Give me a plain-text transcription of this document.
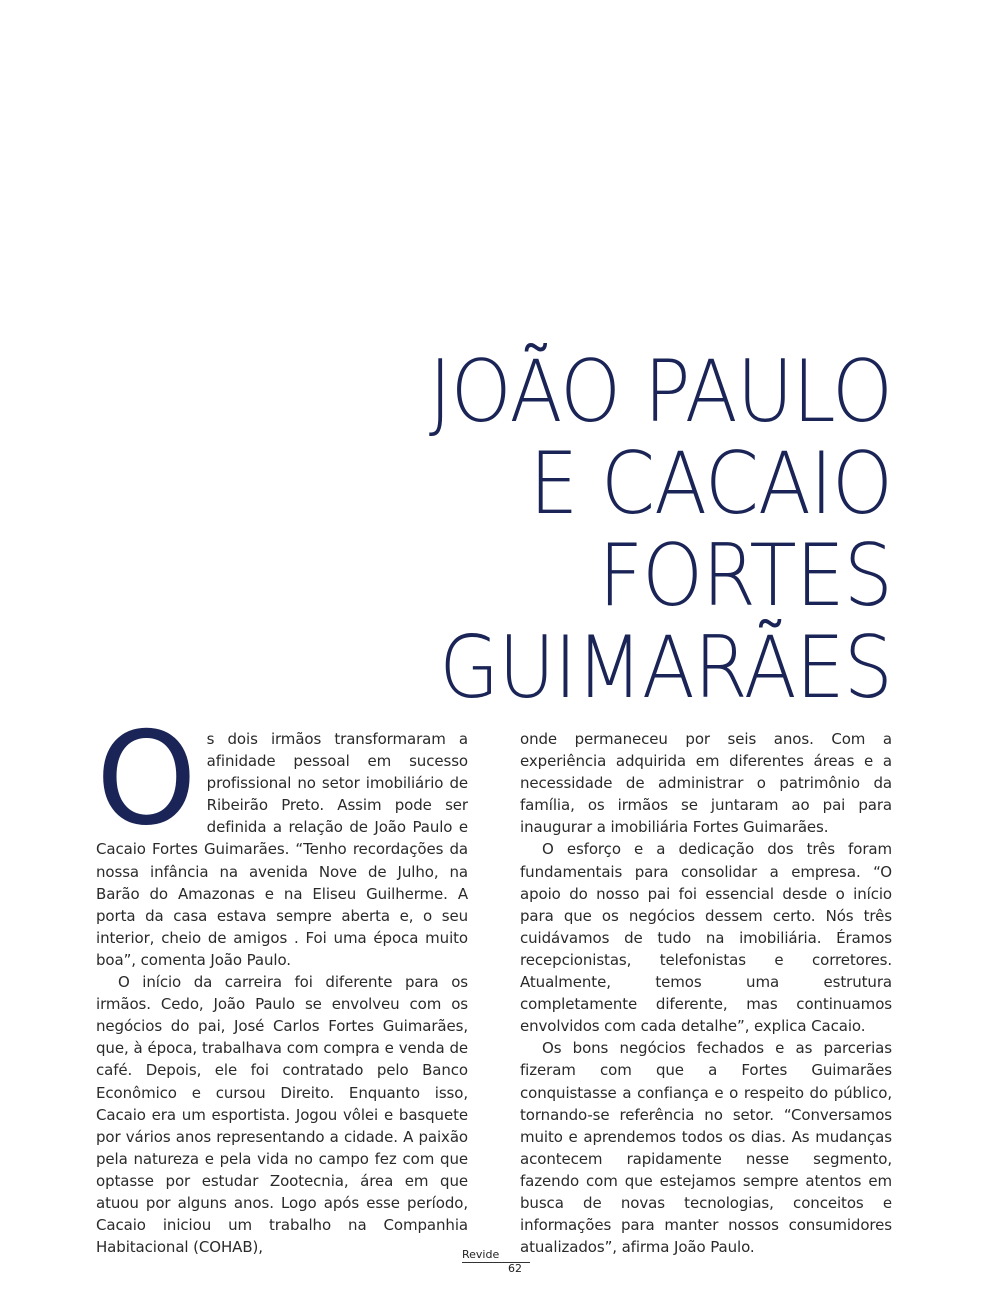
JOÃO PAULO
E CACAIO
FORTES
GUIMARÃES

Os dois irmãos transformaram a afinidade pessoal em sucesso profissional no setor imobiliário de Ribeirão Preto. Assim pode ser definida a relação de João Paulo e Cacaio Fortes Guimarães. “Tenho recordações da nossa infância na avenida Nove de Julho, na Barão do Amazonas e na Eliseu Guilherme. A porta da casa estava sempre aberta e, o seu interior, cheio de amigos . Foi uma época muito boa”, comenta João Paulo.

O início da carreira foi diferente para os irmãos. Cedo, João Paulo se envolveu com os negócios do pai, José Carlos Fortes Guimarães, que, à época, trabalhava com compra e venda de café. Depois, ele foi contratado pelo Banco Econômico e cursou Direito. Enquanto isso, Cacaio era um esportista. Jogou vôlei e basquete por vários anos representando a cidade. A paixão pela natureza e pela vida no campo fez com que optasse por estudar Zootecnia, área em que atuou por alguns anos. Logo após esse período, Cacaio iniciou um trabalho na Companhia Habitacional (COHAB),

onde permaneceu por seis anos. Com a experiência adquirida em diferentes áreas e a necessidade de administrar o patrimônio da família, os irmãos se juntaram ao pai para inaugurar a imobiliária Fortes Guimarães.

O esforço e a dedicação dos três foram fundamentais para consolidar a empresa. “O apoio do nosso pai foi essencial desde o início para que os negócios dessem certo. Nós três cuidávamos de tudo na imobiliária. Éramos recepcionistas, telefonistas e corretores. Atualmente, temos uma estrutura completamente diferente, mas continuamos envolvidos com cada detalhe”, explica Cacaio.

Os bons negócios fechados e as parcerias fizeram com que a Fortes Guimarães conquistasse a confiança e o respeito do público, tornando-se referência no setor. “Conversamos muito e aprendemos todos os dias. As mudanças acontecem rapidamente nesse segmento, fazendo com que estejamos sempre atentos em busca de novas tecnologias, conceitos e informações para manter nossos consumidores atualizados”, afirma João Paulo.

Revide
62
